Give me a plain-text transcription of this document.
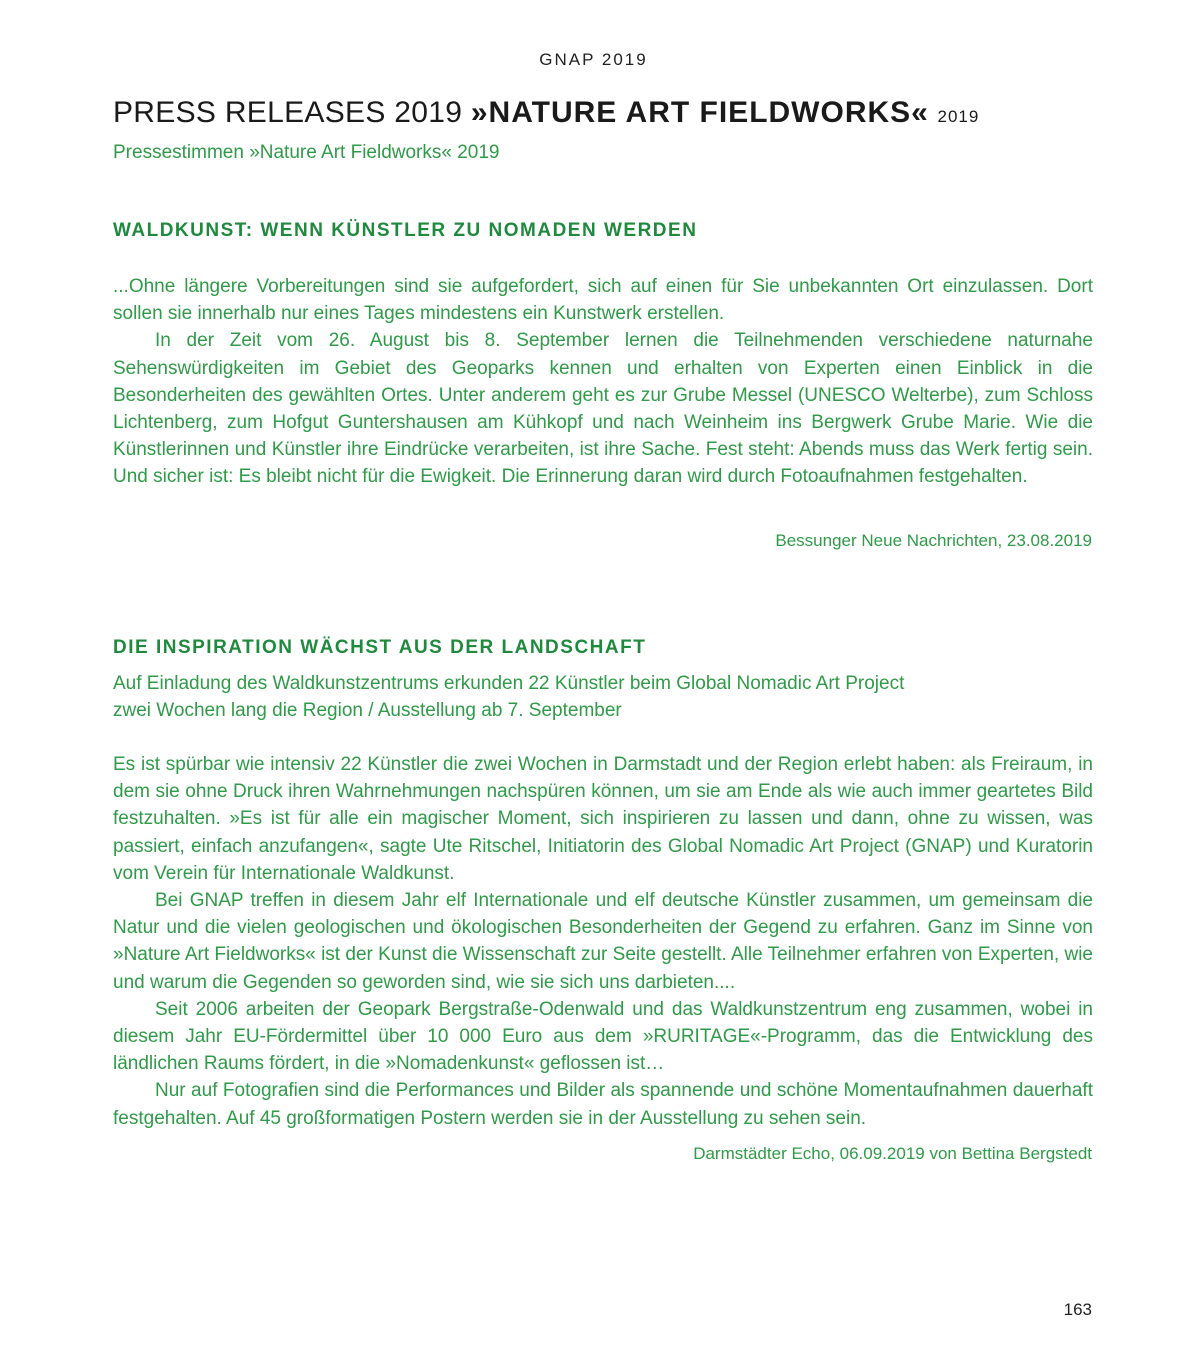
GNAP 2019
PRESS RELEASES 2019 »NATURE ART FIELDWORKS« 2019
Pressestimmen »Nature Art Fieldworks« 2019
WALDKUNST: WENN KÜNSTLER ZU NOMADEN WERDEN

...Ohne längere Vorbereitungen sind sie aufgefordert, sich auf einen für Sie unbekannten Ort einzulassen. Dort sollen sie innerhalb nur eines Tages mindestens ein Kunstwerk erstellen.

In der Zeit vom 26. August bis 8. September lernen die Teilnehmenden verschiedene naturnahe Sehenswürdigkeiten im Gebiet des Geoparks kennen und erhalten von Experten einen Einblick in die Besonderheiten des gewählten Ortes. Unter anderem geht es zur Grube Messel (UNESCO Welterbe), zum Schloss Lichtenberg, zum Hofgut Guntershausen am Kühkopf und nach Weinheim ins Bergwerk Grube Marie. Wie die Künstlerinnen und Künstler ihre Eindrücke verarbeiten, ist ihre Sache. Fest steht: Abends muss das Werk fertig sein. Und sicher ist: Es bleibt nicht für die Ewigkeit. Die Erinnerung daran wird durch Fotoaufnahmen festgehalten.

Bessunger Neue Nachrichten, 23.08.2019
DIE INSPIRATION WÄCHST AUS DER LANDSCHAFT
Auf Einladung des Waldkunstzentrums erkunden 22 Künstler beim Global Nomadic Art Project
zwei Wochen lang die Region / Ausstellung ab 7. September

Es ist spürbar wie intensiv 22 Künstler die zwei Wochen in Darmstadt und der Region erlebt haben: als Freiraum, in dem sie ohne Druck ihren Wahrnehmungen nachspüren können, um sie am Ende als wie auch immer geartetes Bild festzuhalten. »Es ist für alle ein magischer Moment, sich inspirieren zu lassen und dann, ohne zu wissen, was passiert, einfach anzufangen«, sagte Ute Ritschel, Initiatorin des Global Nomadic Art Project (GNAP) und Kuratorin vom Verein für Internationale Waldkunst.

Bei GNAP treffen in diesem Jahr elf Internationale und elf deutsche Künstler zusammen, um gemeinsam die Natur und die vielen geologischen und ökologischen Besonderheiten der Gegend zu erfahren. Ganz im Sinne von »Nature Art Fieldworks« ist der Kunst die Wissenschaft zur Seite gestellt. Alle Teilnehmer erfahren von Experten, wie und warum die Gegenden so geworden sind, wie sie sich uns darbieten....

Seit 2006 arbeiten der Geopark Bergstraße-Odenwald und das Waldkunstzentrum eng zusammen, wobei in diesem Jahr EU-Fördermittel über 10 000 Euro aus dem »RURITAGE«-Programm, das die Entwicklung des ländlichen Raums fördert, in die »Nomadenkunst« geflossen ist…

Nur auf Fotografien sind die Performances und Bilder als spannende und schöne Momentaufnahmen dauerhaft festgehalten. Auf 45 großformatigen Postern werden sie in der Ausstellung zu sehen sein.

Darmstädter Echo, 06.09.2019 von Bettina Bergstedt
163
